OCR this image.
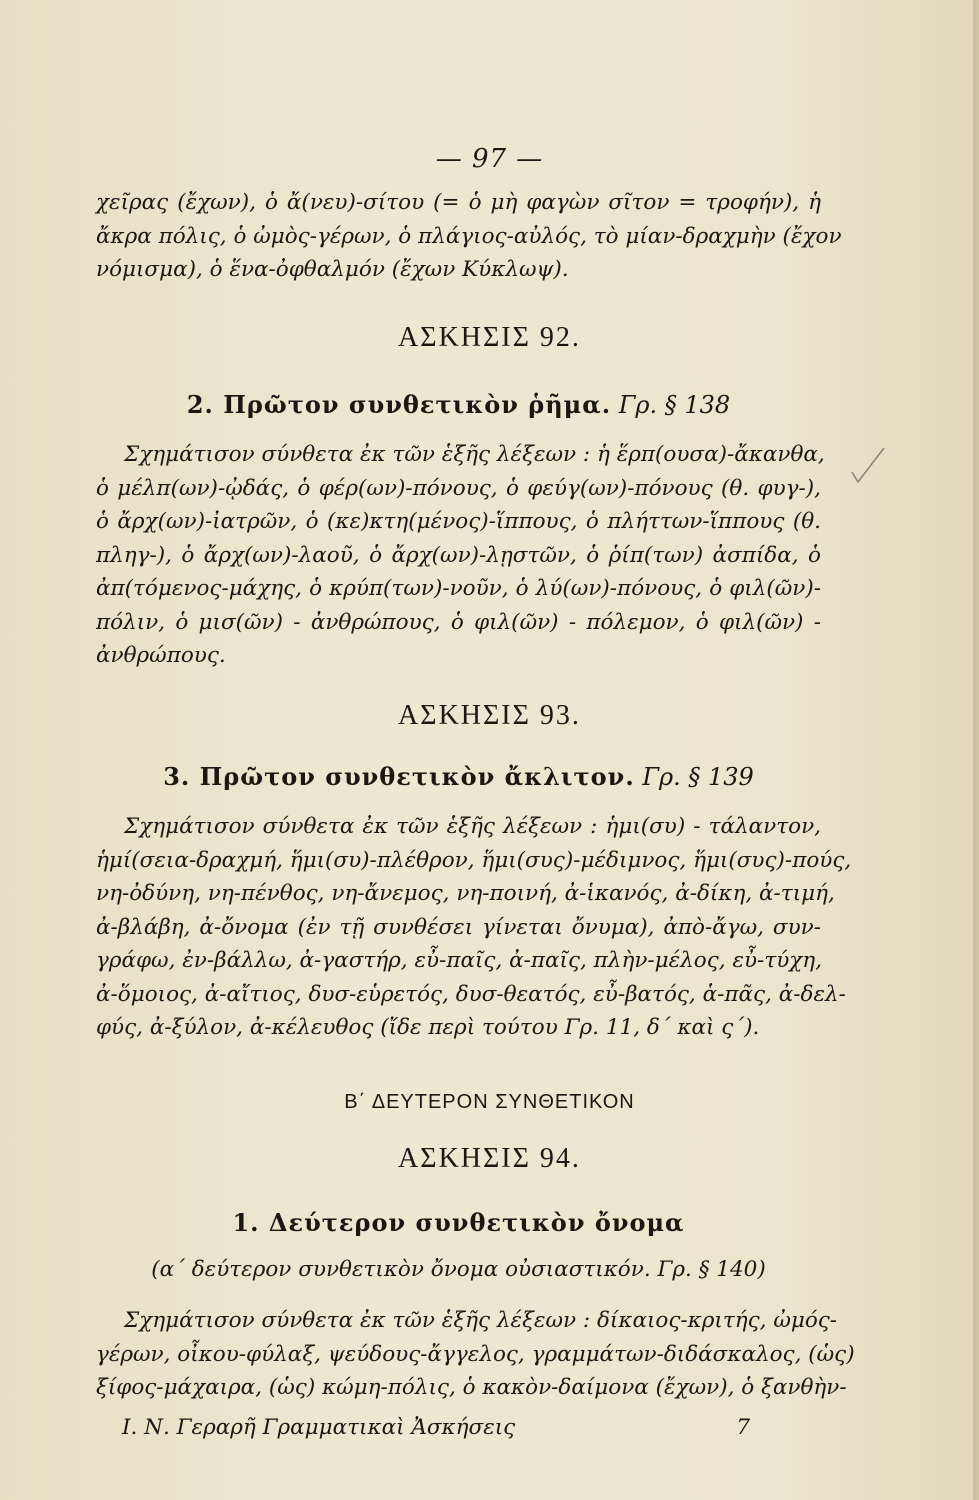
— 97 —
χεῖρας (ἔχων), ὁ ἄ(νευ)-σίτου (= ὁ μὴ φαγὼν σῖτον = τροφήν), ἡ
ἄκρα πόλις, ὁ ὠμὸς-γέρων, ὁ πλάγιος-αὐλός, τὸ μίαν-δραχμὴν (ἔχον
νόμισμα), ὁ ἕνα-ὀφθαλμόν (ἔχων Κύκλωψ).
ΑΣΚΗΣΙΣ 92.
2. Πρῶτον συνθετικὸν ῥῆμα. Γρ. § 138
Σχημάτισον σύνθετα ἐκ τῶν ἑξῆς λέξεων : ἡ ἕρπ(ουσα)-ἄκανθα,
ὁ μέλπ(ων)-ᾠδάς, ὁ φέρ(ων)-πόνους, ὁ φεύγ(ων)-πόνους (θ. φυγ-),
ὁ ἄρχ(ων)-ἰατρῶν, ὁ (κε)κτη(μένος)-ἵππους, ὁ πλήττων-ἵππους (θ.
πληγ-), ὁ ἄρχ(ων)-λαοῦ, ὁ ἄρχ(ων)-λῃστῶν, ὁ ῥίπ(των) ἀσπίδα, ὁ
ἀπ(τόμενος-μάχης, ὁ κρύπ(των)-νοῦν, ὁ λύ(ων)-πόνους, ὁ φιλ(ῶν)-
πόλιν, ὁ μισ(ῶν) - ἀνθρώπους, ὁ φιλ(ῶν) - πόλεμον, ὁ φιλ(ῶν) -
ἀνθρώπους.
ΑΣΚΗΣΙΣ 93.
3. Πρῶτον συνθετικὸν ἄκλιτον. Γρ. § 139
Σχημάτισον σύνθετα ἐκ τῶν ἑξῆς λέξεων : ἡμι(συ) - τάλαντον,
ἡμί(σεια-δραχμή, ἥμι(συ)-πλέθρον, ἥμι(συς)-μέδιμνος, ἥμι(συς)-πούς,
νη-ὀδύνη, νη-πένθος, νη-ἄνεμος, νη-ποινή, ἀ-ἱκανός, ἀ-δίκη, ἀ-τιμή,
ἀ-βλάβη, ἀ-ὄνομα (ἐν τῇ συνθέσει γίνεται ὄνυμα), ἀπὸ-ἄγω, συν-
γράφω, ἐν-βάλλω, ἀ-γαστήρ, εὖ-παῖς, ἀ-παῖς, πλὴν-μέλος, εὖ-τύχη,
ἀ-ὅμοιος, ἀ-αἴτιος, δυσ-εὑρετός, δυσ-θεατός, εὖ-βατός, ἁ-πᾶς, ἀ-δελ-
φύς, ἀ-ξύλον, ἀ-κέλευθος (ἴδε περὶ τούτου Γρ. 11, δ΄ καὶ ς΄).
Β΄ ΔΕΥΤΕΡΟΝ ΣΥΝΘΕΤΙΚΟΝ
ΑΣΚΗΣΙΣ 94.
1. Δεύτερον συνθετικὸν ὄνομα
(α΄ δεύτερον συνθετικὸν ὄνομα οὐσιαστικόν. Γρ. § 140)
Σχημάτισον σύνθετα ἐκ τῶν ἑξῆς λέξεων : δίκαιος-κριτής, ὠμός-
γέρων, οἶκου-φύλαξ, ψεύδους-ἄγγελος, γραμμάτων-διδάσκαλος, (ὡς)
ξίφος-μάχαιρα, (ὡς) κώμη-πόλις, ὁ κακὸν-δαίμονα (ἔχων), ὁ ξανθὴν-
Ι. Ν. Γεραρῆ Γραμματικαὶ Ἀσκήσεις	7
